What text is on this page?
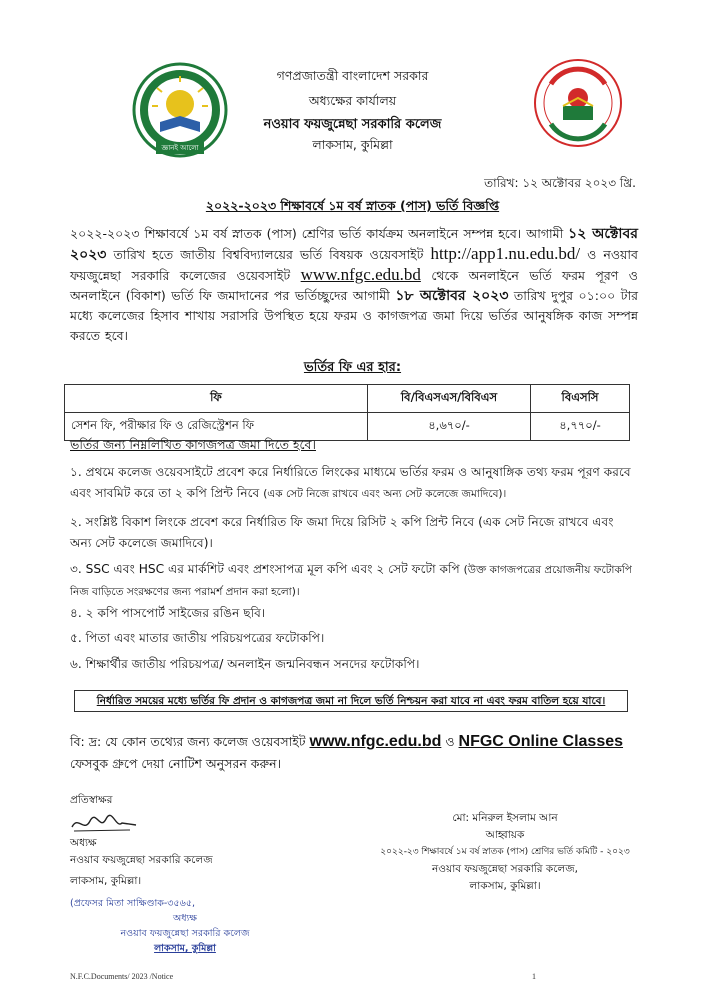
জ্ঞানই আলো
গণপ্রজাতন্ত্রী বাংলাদেশ সরকার
অধ্যক্ষের কার্যালয়
নওয়াব ফয়জুন্নেছা সরকারি কলেজ
লাকসাম, কুমিল্লা
তারিখ: ১২ অক্টোবর ২০২৩ খ্রি.
২০২২-২০২৩ শিক্ষাবর্ষে ১ম বর্ষ স্নাতক (পাস) ভর্তি বিজ্ঞপ্তি
২০২২-২০২৩ শিক্ষাবর্ষে ১ম বর্ষ স্নাতক (পাস) শ্রেণির ভর্তি কার্যক্রম অনলাইনে সম্পন্ন হবে। আগামী ১২ অক্টোবর ২০২৩ তারিখ হতে জাতীয় বিশ্ববিদ্যালয়ের ভর্তি বিষয়ক ওয়েবসাইট http://app1.nu.edu.bd/ ও নওয়াব ফয়জুন্নেছা সরকারি কলেজের ওয়েবসাইট www.nfgc.edu.bd থেকে অনলাইনে ভর্তি ফরম পূরণ ও অনলাইনে (বিকাশ) ভর্তি ফি জমাদানের পর ভর্তিচ্ছুদের আগামী ১৮ অক্টোবর ২০২৩ তারিখ দুপুর ০১:০০ টার মধ্যে কলেজের হিসাব শাখায় সরাসরি উপস্থিত হয়ে ফরম ও কাগজপত্র জমা দিয়ে ভর্তির আনুষঙ্গিক কাজ সম্পন্ন করতে হবে।
ভর্তির ফি এর হার:
ফি	বি/বিএসএস/বিবিএস	বিএসসি
সেশন ফি, পরীক্ষার ফি ও রেজিস্ট্রেশন ফি	৪,৬৭০/-	৪,৭৭০/-
ভর্তির জন্য নিম্নলিখিত কাগজপত্র জমা দিতে হবে।
১. প্রথমে কলেজ ওয়েবসাইটে প্রবেশ করে নির্ধারিতে লিংকের মাধ্যমে ভর্তির ফরম ও আনুষাঙ্গিক তথ্য ফরম পূরণ করবে এবং সাবমিট করে তা ২ কপি প্রিন্ট নিবে (এক সেট নিজে রাখবে এবং অন্য সেট কলেজে জমাদিবে)।
২. সংশ্লিষ্ট বিকাশ লিংকে প্রবেশ করে নির্ধারিত ফি জমা দিয়ে রিসিট ২ কপি প্রিন্ট নিবে (এক সেট নিজে রাখবে এবং অন্য সেট কলেজে জমাদিবে)।
৩. SSC এবং HSC এর মার্কশিট এবং প্রশংসাপত্র মূল কপি এবং ২ সেট ফটো কপি (উক্ত কাগজপত্রের প্রয়োজনীয় ফটোকপি নিজ বাড়িতে সংরক্ষণের জন্য পরামর্শ প্রদান করা হলো)।
৪. ২ কপি পাসপোর্ট সাইজের রঙিন ছবি।
৫. পিতা এবং মাতার জাতীয় পরিচয়পত্রের ফটোকপি।
৬. শিক্ষার্থীর জাতীয় পরিচয়পত্র/ অনলাইন জন্মনিবন্ধন সনদের ফটোকপি।
নির্ধারিত সময়ের মধ্যে ভর্তির ফি প্রদান ও কাগজপত্র জমা না দিলে ভর্তি নিশ্চয়ন করা যাবে না এবং ফরম বাতিল হয়ে যাবে।
বি: দ্র: যে কোন তথ্যের জন্য কলেজ ওয়েবসাইট www.nfgc.edu.bd ও NFGC Online Classes ফেসবুক গ্রুপে দেয়া নোটিশ অনুসরন করুন।
প্রতিস্বাক্ষর
অধ্যক্ষ
নওয়াব ফয়জুন্নেছা সরকারি কলেজ
লাকসাম, কুমিল্লা।
(প্রফেসর মিতা সাক্ষিণ্ডাক-৩৫৬৫,
অধ্যক্ষ
নওয়াব ফয়জুন্নেছা সরকারি কলেজ
লাকসাম, কুমিল্লা
মো: মনিরুল ইসলাম আন
আহ্বায়ক
২০২২-২৩ শিক্ষাবর্ষে ১ম বর্ষ স্নাতক (পাস) শ্রেণির ভর্তি কমিটি - ২০২৩
নওয়াব ফয়জুন্নেছা সরকারি কলেজ,
লাকসাম, কুমিল্লা।
N.F.C.Documents/ 2023 /Notice	1
